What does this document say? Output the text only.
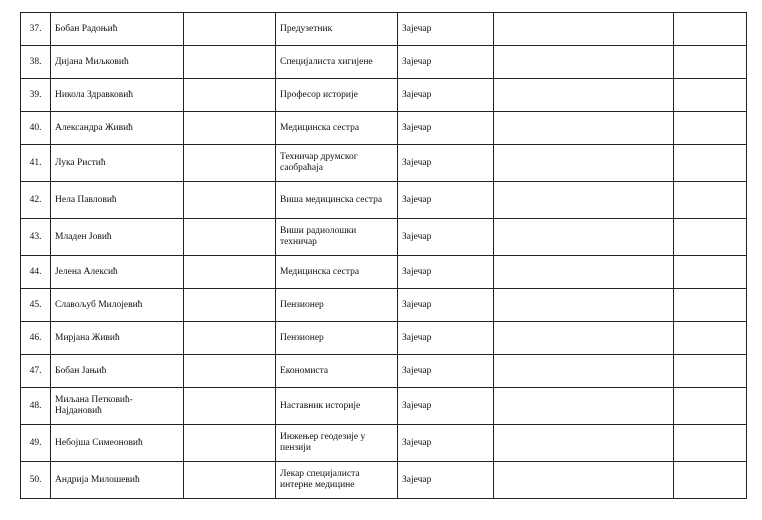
37.	Бобан Радоњић		Предузетник	Зајечар		
38.	Дијана Миљковић		Специјалиста хигијене	Зајечар		
39.	Никола Здравковић		Професор историје	Зајечар		
40.	Александра Живић		Медицинска сестра	Зајечар		
41.	Лука Ристић		Техничар друмског саобраћаја	Зајечар		
42.	Нела Павловић		Виша медицинска сестра	Зајечар		
43.	Младен Јовић		Виши радиолошки техничар	Зајечар		
44.	Јелена Алексић		Медицинска сестра	Зајечар		
45.	Славољуб Милојевић		Пензионер	Зајечар		
46.	Мирјана Живић		Пензионер	Зајечар		
47.	Бобан Јањић		Економиста	Зајечар		
48.	Миљана Петковић-Најдановић		Наставник историје	Зајечар		
49.	Небојша Симеоновић		Инжењер геодезије у пензији	Зајечар		
50.	Андрија Милошевић		Лекар специјалиста интерне медицине	Зајечар		
